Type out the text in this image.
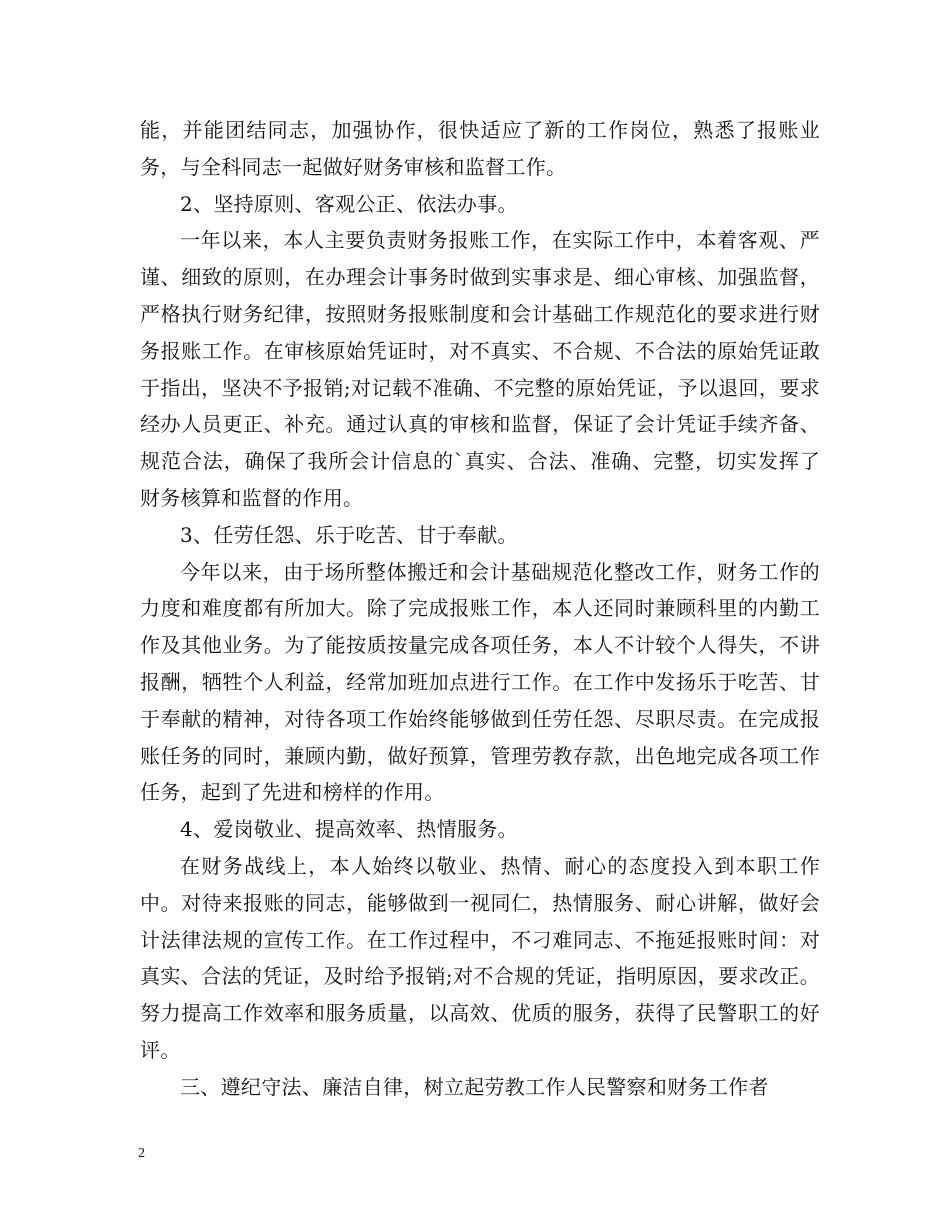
能，并能团结同志，加强协作，很快适应了新的工作岗位，熟悉了报账业务，与全科同志一起做好财务审核和监督工作。

2、坚持原则、客观公正、依法办事。

一年以来，本人主要负责财务报账工作，在实际工作中，本着客观、严谨、细致的原则，在办理会计事务时做到实事求是、细心审核、加强监督，严格执行财务纪律，按照财务报账制度和会计基础工作规范化的要求进行财务报账工作。在审核原始凭证时，对不真实、不合规、不合法的原始凭证敢于指出，坚决不予报销;对记载不准确、不完整的原始凭证，予以退回，要求经办人员更正、补充。通过认真的审核和监督，保证了会计凭证手续齐备、规范合法，确保了我所会计信息的`真实、合法、准确、完整，切实发挥了财务核算和监督的作用。

3、任劳任怨、乐于吃苦、甘于奉献。

今年以来，由于场所整体搬迁和会计基础规范化整改工作，财务工作的力度和难度都有所加大。除了完成报账工作，本人还同时兼顾科里的内勤工作及其他业务。为了能按质按量完成各项任务，本人不计较个人得失，不讲报酬，牺牲个人利益，经常加班加点进行工作。在工作中发扬乐于吃苦、甘于奉献的精神，对待各项工作始终能够做到任劳任怨、尽职尽责。在完成报账任务的同时，兼顾内勤，做好预算，管理劳教存款，出色地完成各项工作任务，起到了先进和榜样的作用。

4、爱岗敬业、提高效率、热情服务。

在财务战线上，本人始终以敬业、热情、耐心的态度投入到本职工作中。对待来报账的同志，能够做到一视同仁，热情服务、耐心讲解，做好会计法律法规的宣传工作。在工作过程中，不刁难同志、不拖延报账时间：对真实、合法的凭证，及时给予报销;对不合规的凭证，指明原因，要求改正。努力提高工作效率和服务质量，以高效、优质的服务，获得了民警职工的好评。

三、遵纪守法、廉洁自律，树立起劳教工作人民警察和财务工作者

2
